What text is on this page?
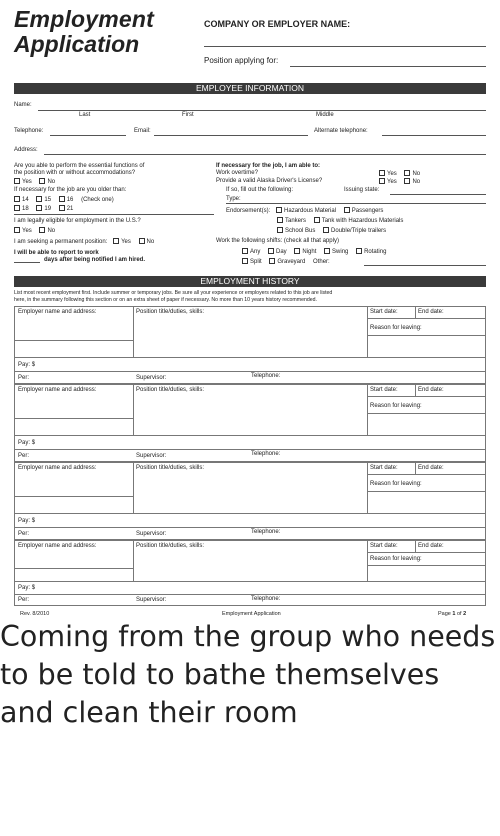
Employment
Application
COMPANY OR EMPLOYER NAME:
Position applying for:
EMPLOYEE INFORMATION
Name:
Last	First	Middle
Telephone:	Email:	Alternate telephone:
Address:
Are you able to perform the essential functions of
the position with or without accommodations?
Yes	No
If necessary for the job are you older than:
14	15	16 (Check one)
18	19	21
I am legally eligible for employment in the U.S.?
Yes	No
I am seeking a permanent position: Yes	No
I will be able to report to work
days after being notified I am hired.
If necessary for the job, I am able to:
Work overtime?	Yes	No
Provide a valid Alaska Driver's License?	Yes	No
If so, fill out the following:	Issuing state:
Type:
Endorsement(s): Hazardous Material	Passengers
Tankers	Tank with Hazardous Materials
School Bus	Double/Triple trailers
Work the following shifts: (check all that apply)
Any	Day	Night	Swing	Rotating
Split	Graveyard Other:
EMPLOYMENT HISTORY
List most recent employment first. Include summer or temporary jobs. Be sure all your experience or employers related to this job are listed
here, in the summary following this section or on an extra sheet of paper if necessary. No more than 10 years history recommended.
Employer name and address:	Position title/duties, skills:	Start date:	End date:
Reason for leaving:
Pay: $
Per:	Supervisor:	Telephone:
Employer name and address:	Position title/duties, skills:	Start date:	End date:
Reason for leaving:
Pay: $
Per:	Supervisor:	Telephone:
Employer name and address:	Position title/duties, skills:	Start date:	End date:
Reason for leaving:
Pay: $
Per:	Supervisor:	Telephone:
Employer name and address:	Position title/duties, skills:	Start date:	End date:
Reason for leaving:
Pay: $
Per:	Supervisor:	Telephone:
Rev. 8/2010	Employment Application	Page 1 of 2
Coming from the group who needs to be told to bathe themselves and clean their room
